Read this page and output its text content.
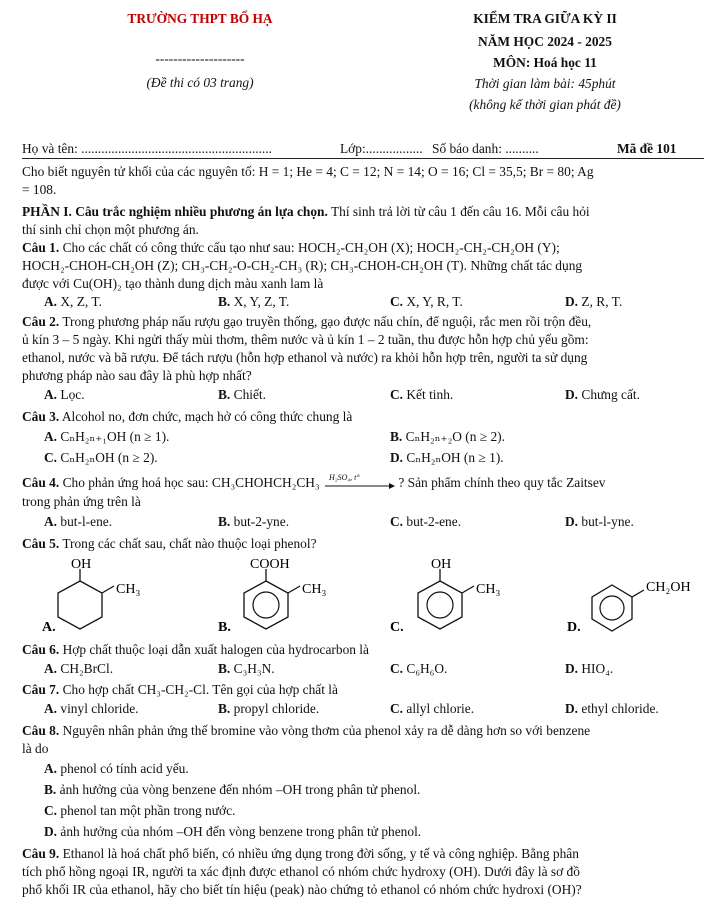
TRƯỜNG THPT BỐ HẠ
--------------------
(Đề thi có 03 trang)
KIỂM TRA GIỮA KỲ II
NĂM HỌC 2024 - 2025
MÔN: Hoá học 11
Thời gian làm bài: 45phút
(không kể thời gian phát đề)
Họ và tên: .........................................................	Lớp:................. Số báo danh: ..........	Mã đề 101
Cho biết nguyên tử khối của các nguyên tố: H = 1; He = 4; C = 12; N = 14; O = 16; Cl = 35,5; Br = 80; Ag
= 108.
PHẦN I. Câu trắc nghiệm nhiều phương án lựa chọn. Thí sinh trả lời từ câu 1 đến câu 16. Mỗi câu hỏi
thí sinh chỉ chọn một phương án.
Câu 1. Cho các chất có công thức cấu tạo như sau: HOCH₂-CH₂OH (X); HOCH₂-CH₂-CH₂OH (Y);
HOCH₂-CHOH-CH₂OH (Z); CH₃-CH₂-O-CH₂-CH₃ (R); CH₃-CHOH-CH₂OH (T). Những chất tác dụng
được với Cu(OH)₂ tạo thành dung dịch màu xanh lam là
A. X, Z, T.	B. X, Y, Z, T.	C. X, Y, R, T.	D. Z, R, T.
Câu 2. Trong phương pháp nấu rượu gạo truyền thống, gạo được nấu chín, để nguội, rắc men rồi trộn đều,
ủ kín 3 – 5 ngày. Khi ngửi thấy mùi thơm, thêm nước và ủ kín 1 – 2 tuần, thu được hỗn hợp chủ yếu gồm:
ethanol, nước và bã rượu. Để tách rượu (hỗn hợp ethanol và nước) ra khỏi hỗn hợp trên, người ta sử dụng
phương pháp nào sau đây là phù hợp nhất?
A. Lọc.	B. Chiết.	C. Kết tinh.	D. Chưng cất.
Câu 3. Alcohol no, đơn chức, mạch hở có công thức chung là
A. CₙH₂ₙ₊₁OH (n ≥ 1).	B. CₙH₂ₙ₊₂O (n ≥ 2).
C. CₙH₂ₙOH (n ≥ 2).	D. CₙH₂ₙOH (n ≥ 1).
Câu 4. Cho phản ứng hoá học sau: CH₃CHOHCH₂CH₃ H₂SO₄, t°	? Sản phẩm chính theo quy tắc Zaitsev
trong phản ứng trên là
A. but-l-ene.	B. but-2-yne.	C. but-2-ene.	D. but-l-yne.
Câu 5. Trong các chất sau, chất nào thuộc loại phenol?
OH
CH₃
A.
COOH
CH₃
B.
OH
CH₃
C.
CH₂OH
D.
Câu 6. Hợp chất thuộc loại dẫn xuất halogen của hydrocarbon là
A. CH₂BrCl.	B. C₃H₃N.	C. C₆H₆O.	D. HIO₄.
Câu 7. Cho hợp chất CH₃-CH₂-Cl. Tên gọi của hợp chất là
A. vinyl chloride.	B. propyl chloride.	C. allyl chlorie.	D. ethyl chloride.
Câu 8. Nguyên nhân phản ứng thế bromine vào vòng thơm của phenol xảy ra dễ dàng hơn so với benzene
là do
A. phenol có tính acid yếu.
B. ảnh hưởng của vòng benzene đến nhóm –OH trong phân tử phenol.
C. phenol tan một phần trong nước.
D. ảnh hưởng của nhóm –OH đến vòng benzene trong phân tử phenol.
Câu 9. Ethanol là hoá chất phổ biến, có nhiều ứng dụng trong đời sống, y tế và công nghiệp. Bằng phân
tích phổ hồng ngoại IR, người ta xác định được ethanol có nhóm chức hydroxy (OH). Dưới đây là sơ đồ
phổ khối IR của ethanol, hãy cho biết tín hiệu (peak) nào chứng tỏ ethanol có nhóm chức hydroxi (OH)?
